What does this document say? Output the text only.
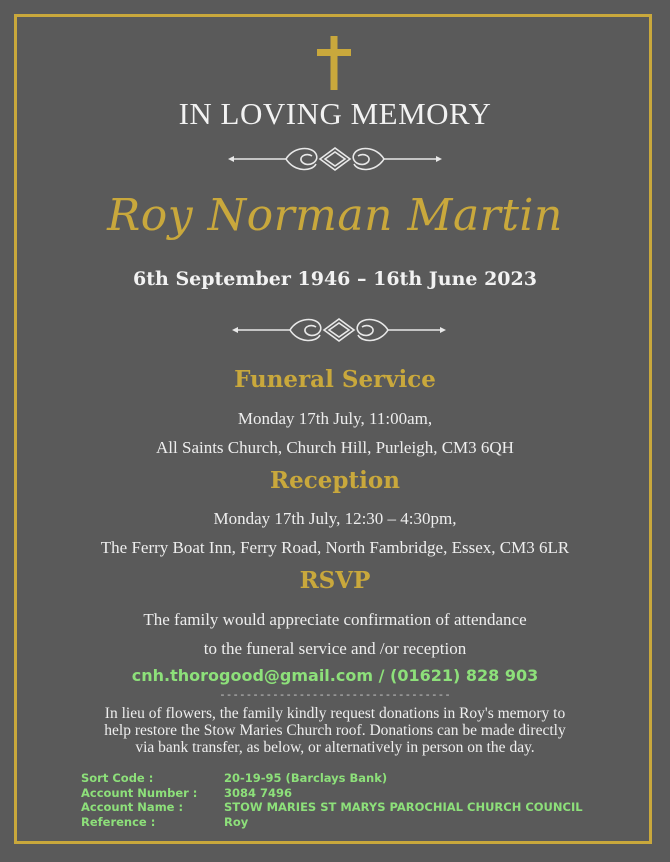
IN LOVING MEMORY
Roy Norman Martin
6th September 1946 – 16th June 2023
Funeral Service
Monday 17th July, 11:00am,
All Saints Church, Church Hill, Purleigh, CM3 6QH
Reception
Monday 17th July, 12:30 – 4:30pm,
The Ferry Boat Inn, Ferry Road, North Fambridge, Essex, CM3 6LR
RSVP
The family would appreciate confirmation of attendance
to the funeral service and /or reception
cnh.thorogood@gmail.com / (01621) 828 903
-----------------------------------
In lieu of flowers, the family kindly request donations in Roy's memory to
help restore the Stow Maries Church roof. Donations can be made directly
via bank transfer, as below, or alternatively in person on the day.
Sort Code :
Account Number :
Account Name :
Reference :
20-19-95 (Barclays Bank)
3084 7496
STOW MARIES ST MARYS PAROCHIAL CHURCH COUNCIL
Roy
